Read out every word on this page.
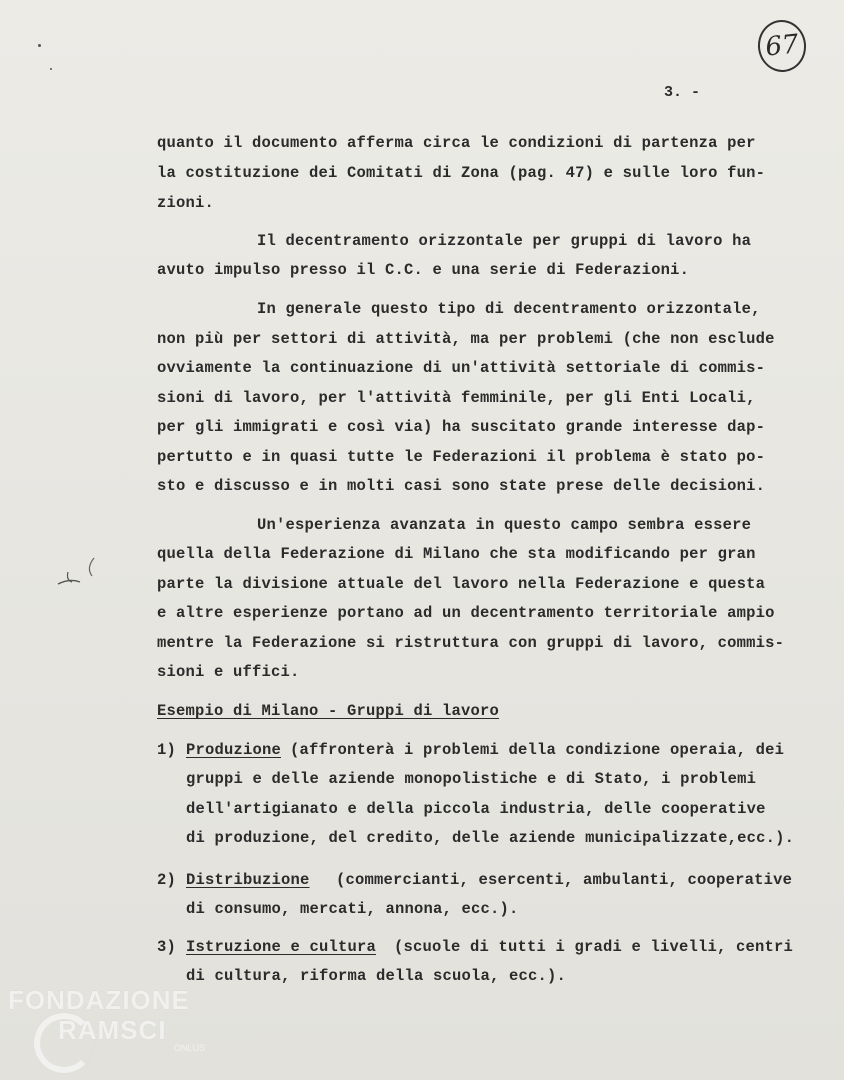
67
3. -
quanto il documento afferma circa le condizioni di partenza per
la costituzione dei Comitati di Zona (pag. 47) e sulle loro fun-
zioni.
Il decentramento orizzontale per gruppi di lavoro ha
avuto impulso presso il C.C. e una serie di Federazioni.
In generale questo tipo di decentramento orizzontale,
non più per settori di attività, ma per problemi (che non esclude
ovviamente la continuazione di un'attività settoriale di commis-
sioni di lavoro, per l'attività femminile, per gli Enti Locali,
per gli immigrati e così via) ha suscitato grande interesse dap-
pertutto e in quasi tutte le Federazioni il problema è stato po-
sto e discusso e in molti casi sono state prese delle decisioni.
Un'esperienza avanzata in questo campo sembra essere
quella della Federazione di Milano che sta modificando per gran
parte la divisione attuale del lavoro nella Federazione e questa
e altre esperienze portano ad un decentramento territoriale ampio
mentre la Federazione si ristruttura con gruppi di lavoro, commis-
sioni e uffici.
Esempio di Milano - Gruppi di lavoro
1) Produzione (affronterà i problemi della condizione operaia, dei
gruppi e delle aziende monopolistiche e di Stato, i problemi
dell'artigianato e della piccola industria, delle cooperative
di produzione, del credito, delle aziende municipalizzate,ecc.).
2) Distribuzione (commercianti, esercenti, ambulanti, cooperative
di consumo, mercati, annona, ecc.).
3) Istruzione e cultura (scuole di tutti i gradi e livelli, centri
di cultura, riforma della scuola, ecc.).
FONDAZIONE
RAMSCI
ONLUS
